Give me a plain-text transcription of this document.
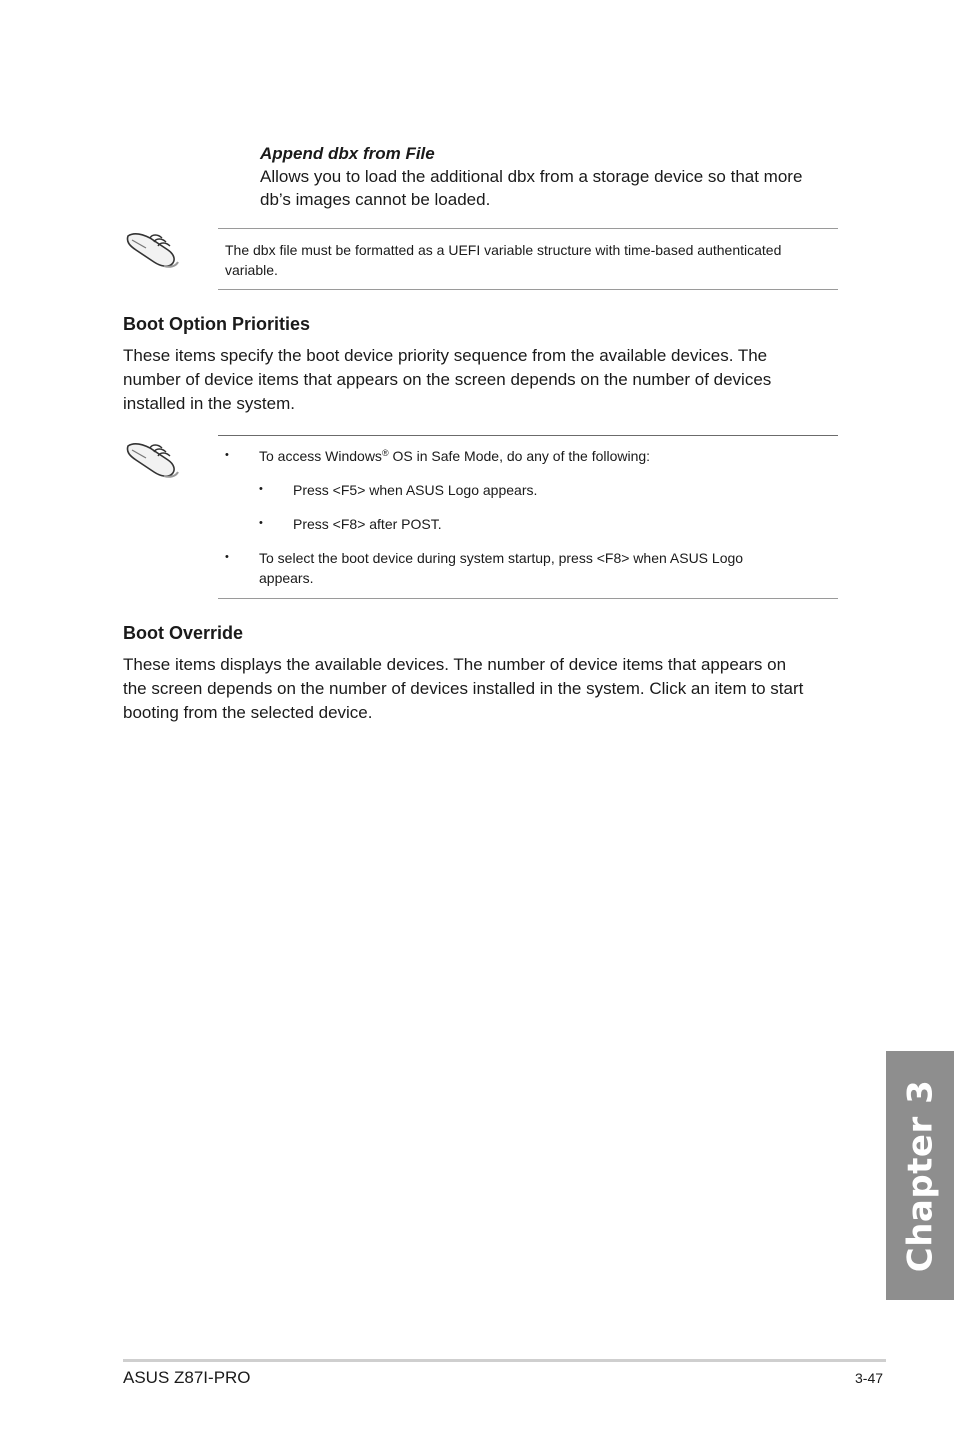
Append dbx from File
Allows you to load the additional dbx from a storage device so that more
db’s images cannot be loaded.
The dbx file must be formatted as a UEFI variable structure with time-based authenticated
variable.
Boot Option Priorities
These items specify the boot device priority sequence from the available devices. The
number of device items that appears on the screen depends on the number of devices
installed in the system.
• To access Windows® OS in Safe Mode, do any of the following:
• Press <F5> when ASUS Logo appears.
• Press <F8> after POST.
• To select the boot device during system startup, press <F8> when ASUS Logo
appears.
Boot Override
These items displays the available devices. The number of device items that appears on
the screen depends on the number of devices installed in the system. Click an item to start
booting from the selected device.
Chapter 3
ASUS Z87I-PRO	3-47
